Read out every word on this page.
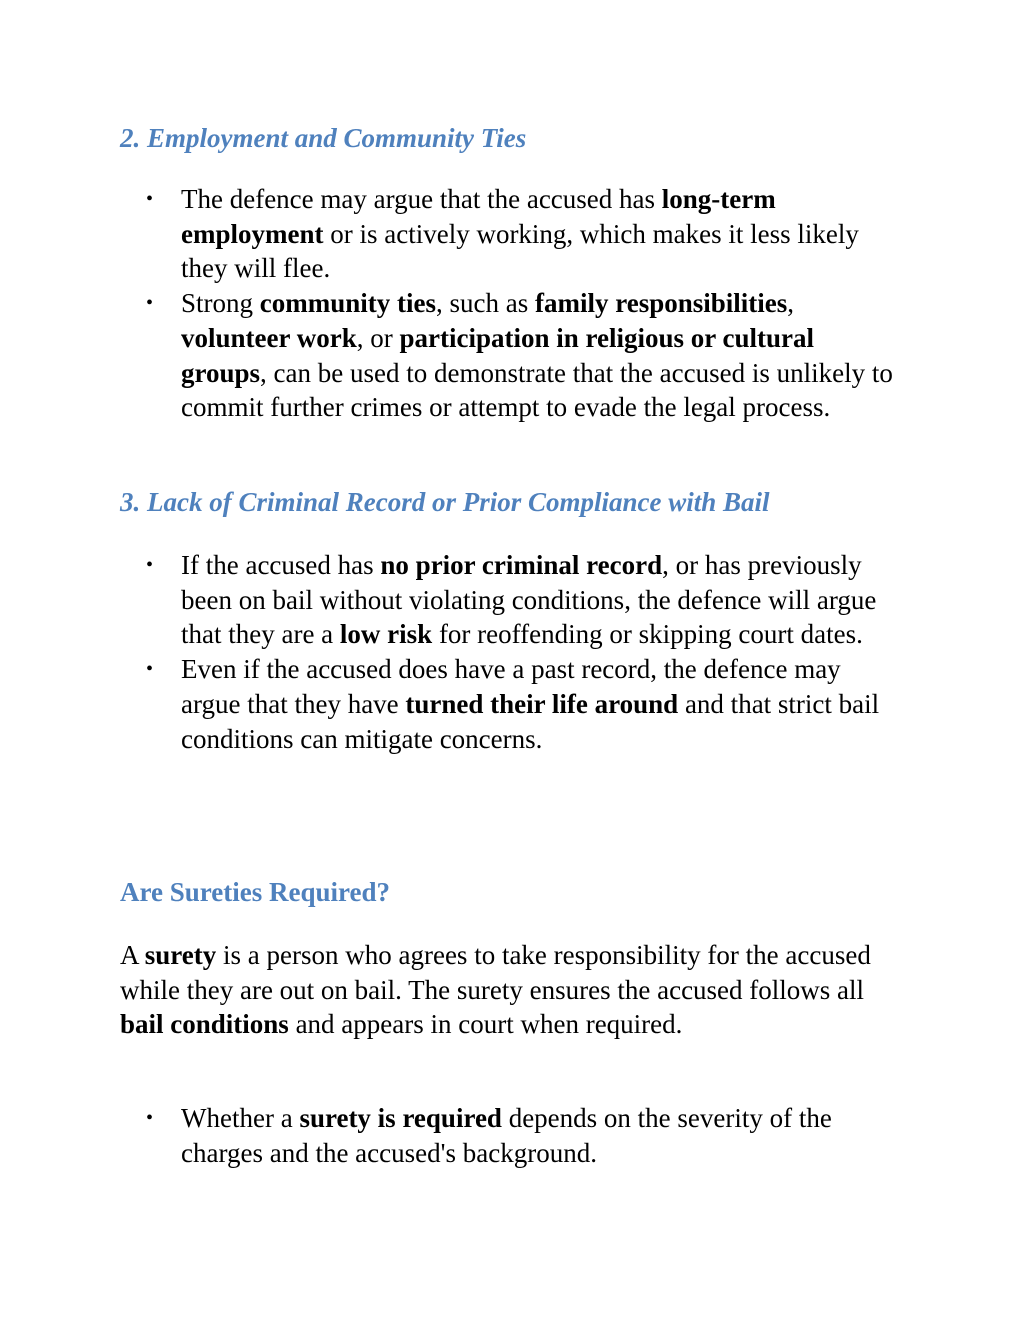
2. Employment and Community Ties
• The defence may argue that the accused has long-term employment or is actively working, which makes it less likely they will flee.
• Strong community ties, such as family responsibilities, volunteer work, or participation in religious or cultural groups, can be used to demonstrate that the accused is unlikely to commit further crimes or attempt to evade the legal process.
3. Lack of Criminal Record or Prior Compliance with Bail
• If the accused has no prior criminal record, or has previously been on bail without violating conditions, the defence will argue that they are a low risk for reoffending or skipping court dates.
• Even if the accused does have a past record, the defence may argue that they have turned their life around and that strict bail conditions can mitigate concerns.
Are Sureties Required?

A surety is a person who agrees to take responsibility for the accused while they are out on bail. The surety ensures the accused follows all bail conditions and appears in court when required.

• Whether a surety is required depends on the severity of the charges and the accused's background.
